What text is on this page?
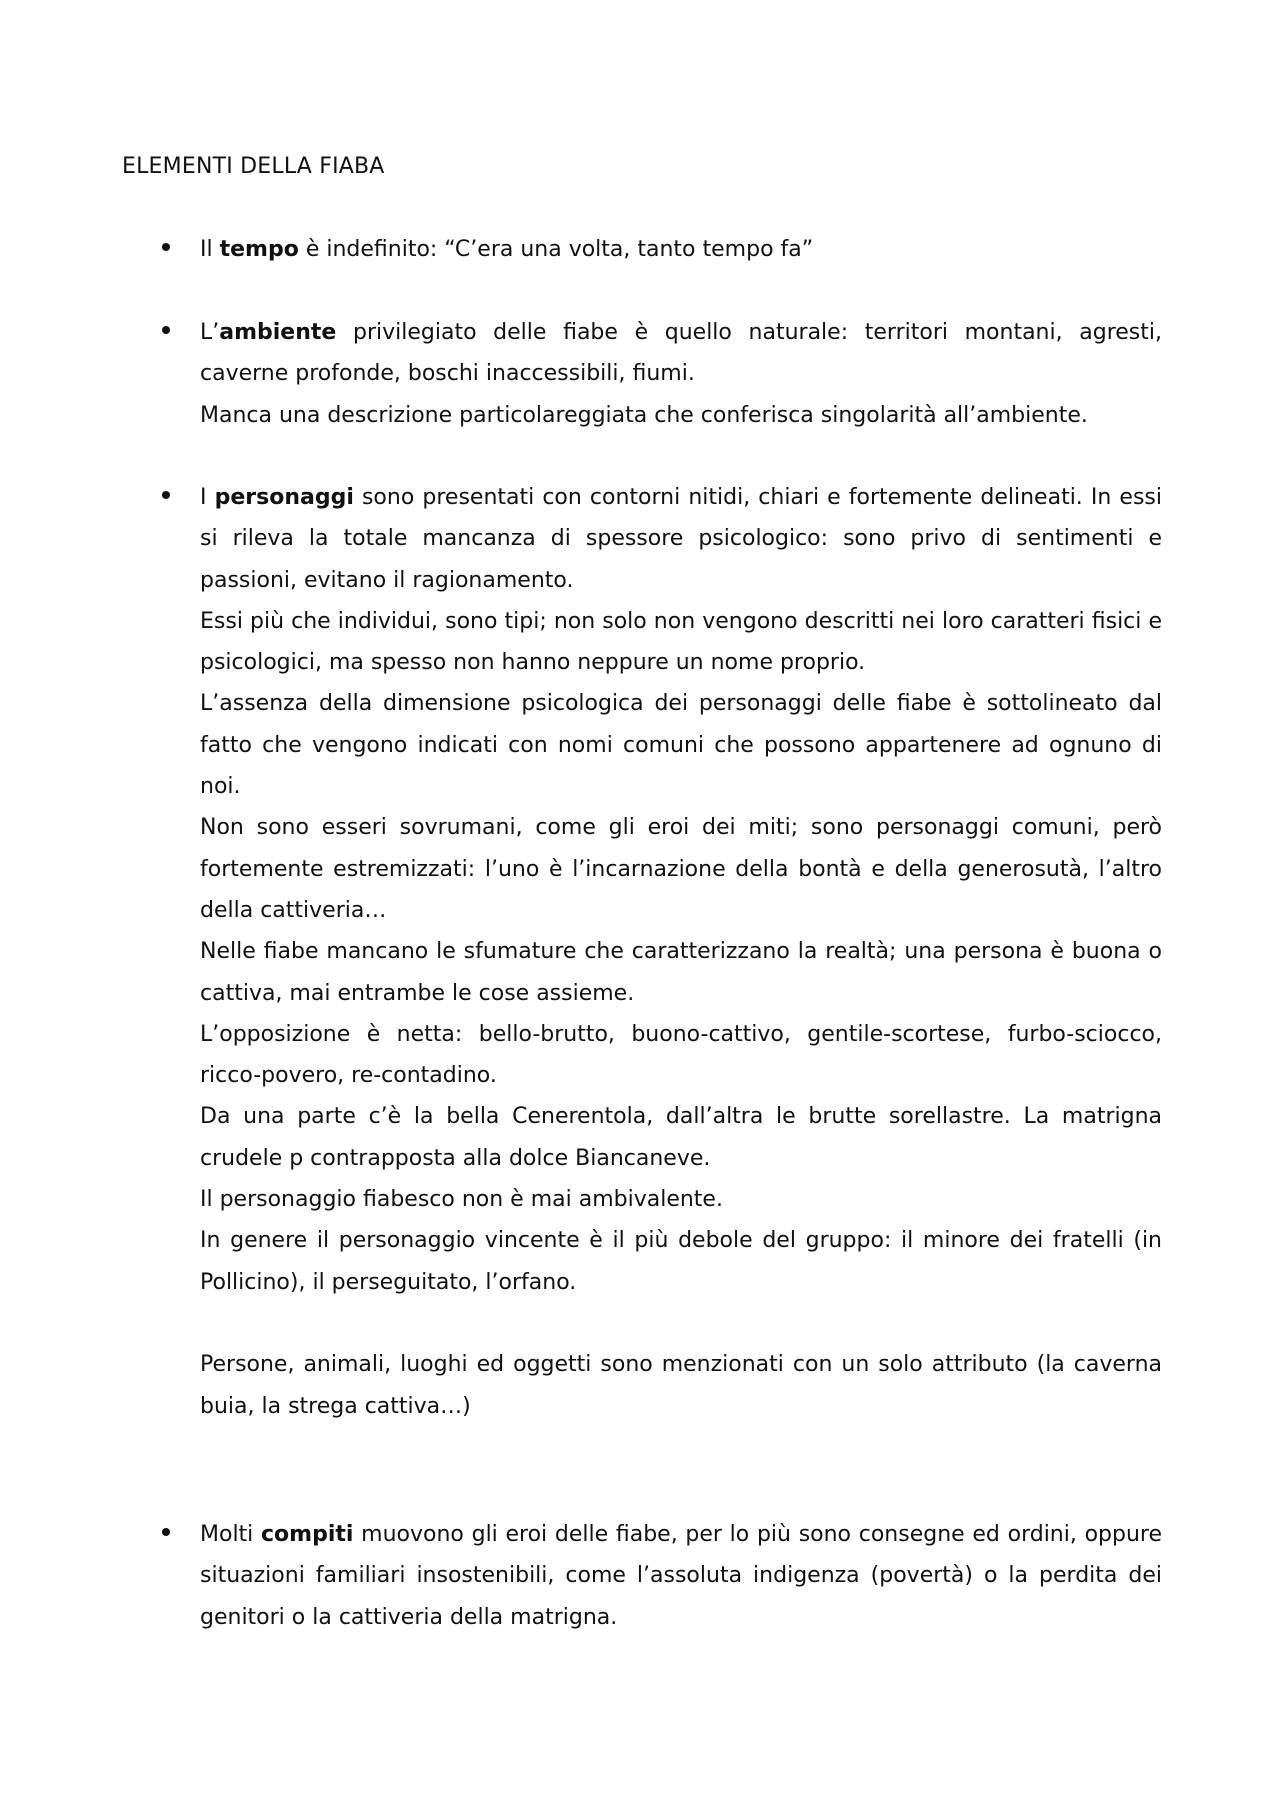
ELEMENTI DELLA FIABA

Il tempo è indefinito: “C’era una volta, tanto tempo fa”

L’ambiente privilegiato delle fiabe è quello naturale: territori montani, agresti, caverne profonde, boschi inaccessibili, fiumi.

Manca una descrizione particolareggiata che conferisca singolarità all’ambiente.

I personaggi sono presentati con contorni nitidi, chiari e fortemente delineati. In essi si rileva la totale mancanza di spessore psicologico: sono privo di sentimenti e passioni, evitano il ragionamento.

Essi più che individui, sono tipi; non solo non vengono descritti nei loro caratteri fisici e psicologici, ma spesso non hanno neppure un nome proprio.

L’assenza della dimensione psicologica dei personaggi delle fiabe è sottolineato dal fatto che vengono indicati con nomi comuni che possono appartenere ad ognuno di noi.

Non sono esseri sovrumani, come gli eroi dei miti; sono personaggi comuni, però fortemente estremizzati: l’uno è l’incarnazione della bontà e della generosutà, l’altro della cattiveria…

Nelle fiabe mancano le sfumature che caratterizzano la realtà; una persona è buona o cattiva, mai entrambe le cose assieme.

L’opposizione è netta: bello-brutto, buono-cattivo, gentile-scortese, furbo-sciocco, ricco-povero, re-contadino.

Da una parte c’è la bella Cenerentola, dall’altra le brutte sorellastre. La matrigna crudele p contrapposta alla dolce Biancaneve.

Il personaggio fiabesco non è mai ambivalente.

In genere il personaggio vincente è il più debole del gruppo: il minore dei fratelli (in Pollicino), il perseguitato, l’orfano.

Persone, animali, luoghi ed oggetti sono menzionati con un solo attributo (la caverna buia, la strega cattiva…)

Molti compiti muovono gli eroi delle fiabe, per lo più sono consegne ed ordini, oppure situazioni familiari insostenibili, come l’assoluta indigenza (povertà) o la perdita dei genitori o la cattiveria della matrigna.
